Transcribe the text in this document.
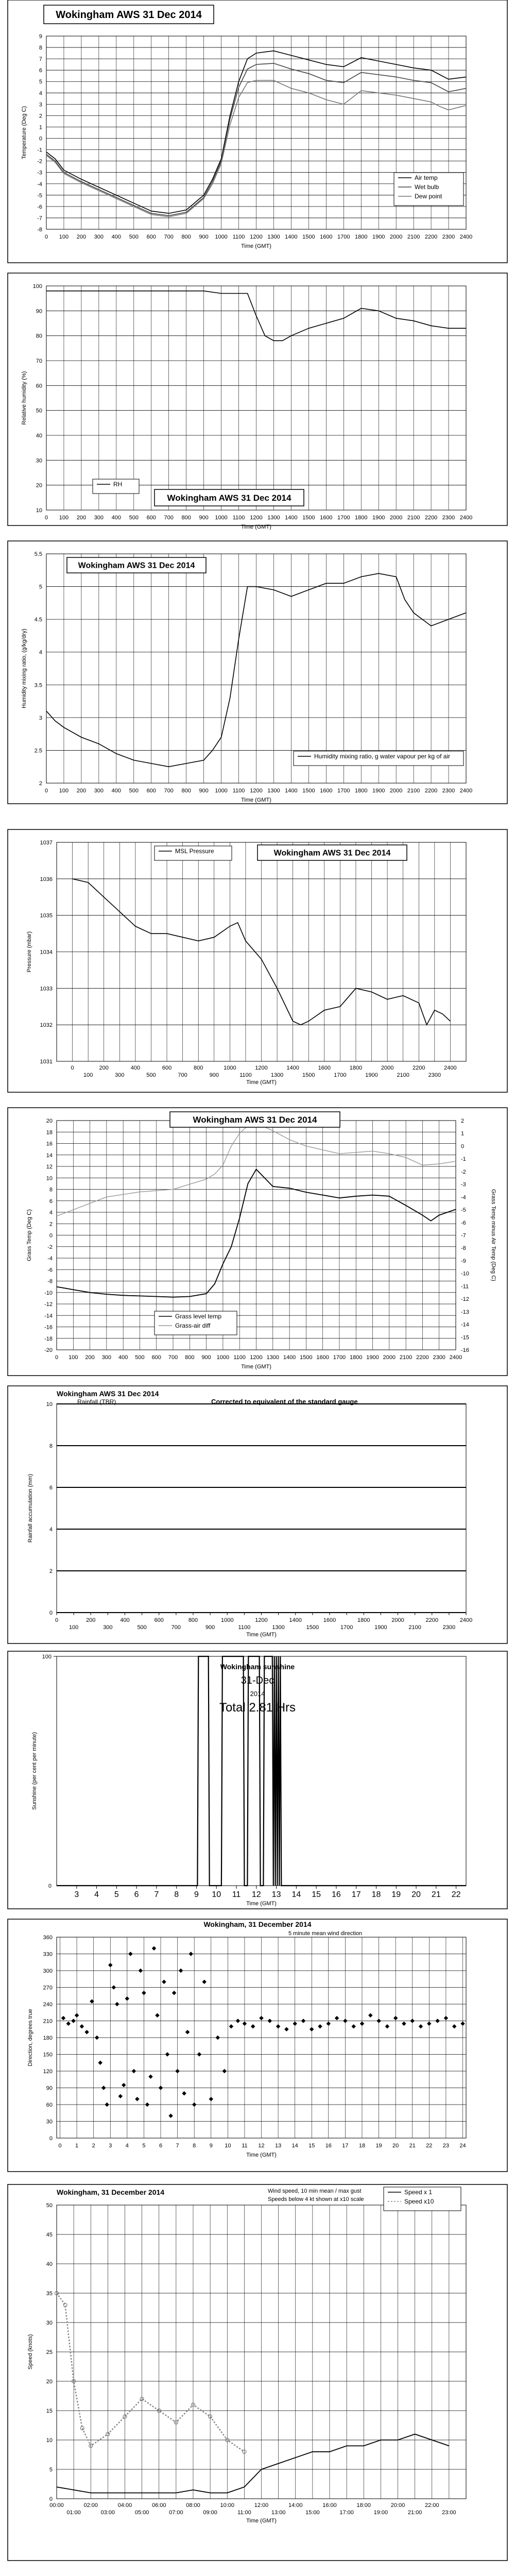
-8
-7
-6
-5
-4
-3
-2
-1
0
1
2
3
4
5
6
7
8
9
0 100 200 300 400 500 600 700 800 900 1000 1100 1200 1300 1400 1500 1600 1700 1800 1900 2000 2100 2200 2300 2400
Time (GMT)
Temperature (Deg C)
Wokingham AWS 31 Dec 2014
Air temp
Wet bulb
Dew point
10
20
30
40
50
60
70
80
90
100
0 100 200 300 400 500 600 700 800 900 1000 1100 1200 1300 1400 1500 1600 1700 1800 1900 2000 2100 2200 2300 2400
Time (GMT)
Relative humidity (%)
RH
Wokingham AWS 31 Dec 2014
2
2.5
3
3.5
4
4.5
5
5.5
0 100 200 300 400 500 600 700 800 900 1000 1100 1200 1300 1400 1500 1600 1700 1800 1900 2000 2100 2200 2300 2400
Time (GMT)
Humidity mixing ratio, (g/kg/dry)
Wokingham AWS 31 Dec 2014
Humidity mixing ratio, g water vapour per kg of air
1031
1032
1033
1034
1035
1036
1037
0
100
200
300
400
500
600
700
800
900
1000
1100
1200
1300
1400
1500
1600
1700
1800
1900
2000
2100
2200
2300
2400
Time (GMT)
Pressure (mbar)
MSL Pressure	Wokingham AWS 31 Dec 2014
-20
-18
-16
-14
-12
-10
-8
-6
-4
-2
0
2
4
6
8
10
12
14
16
18
20
-16
-15
-14
-13
-12
-11
-10
-9
-8
-7
-6
-5
-4
-3
-2
-1
0
1
2
0 100 200 300 400 500 600 700 800 900 1000 1100 1200 1300 1400 1500 1600 1700 1800 1900 2000 2100 2200 2300 2400
Time (GMT)
Grass Temp (Deg C)	Grass Temp minus Air Temp (Deg C)
Wokingham AWS 31 Dec 2014
Grass level temp
Grass-air diff
0
2
4
6
8
10
0
100
200
300
400
500
600
700
800
900
1000
1100
1200
1300
1400
1500
1600
1700
1800
1900
2000
2100
2200
2300
2400
Time (GMT)
Rainfall accumulation (mm)
Wokingham AWS 31 Dec 2014
Rainfall (TBR)	Corrected to equivalent of the standard gauge
100
0
3 4 5 6 7 8 9 10 11 12 13 14 15 16 17 18 19 20 21 22
Time (GMT)
Sunshine (per cent per minute)
Wokingham sunshine
31-Dec
2014
Total 2.81 Hrs
0
30
60
90
120
150
180
210
240
270
300
330
360
0 1 2 3 4 5 6 7 8 9 10 11 12 13 14 15 16 17 18 19 20 21 22 23 24
Time (GMT)
Direction, degrees true
Wokingham, 31 December 2014
5 minute mean wind direction
0
5
10
15
20
25
30
35
40
45
50
00:00
01:00
02:00
03:00
04:00
05:00
06:00
07:00
08:00
09:00
10:00
11:00
12:00
13:00
14:00
15:00
16:00
17:00
18:00
19:00
20:00
21:00
22:00
23:00
Time (GMT)
Speed (knots)
Wokingham, 31 December 2014	Wind speed, 10 min mean / max gust
Speeds below 4 kt shown at x10 scale
Speed x 1
Speed x10
